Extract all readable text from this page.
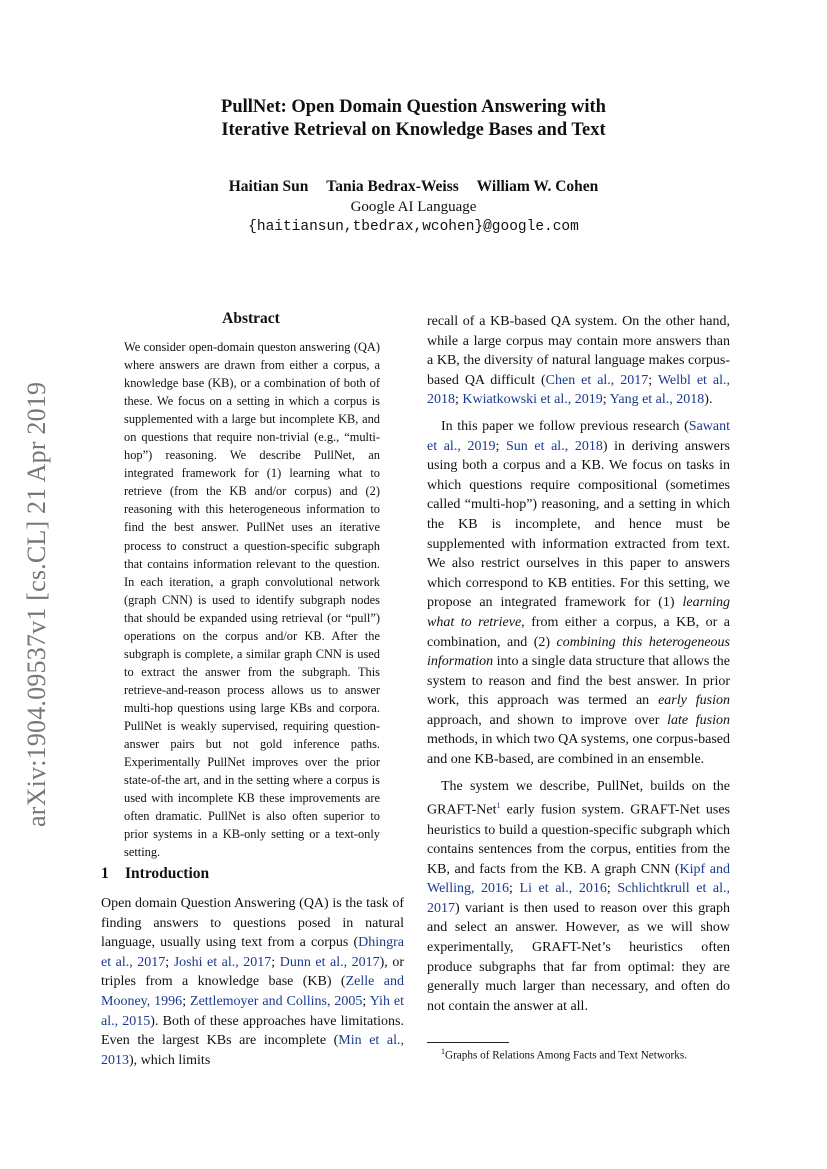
arXiv:1904.09537v1 [cs.CL] 21 Apr 2019
PullNet: Open Domain Question Answering with
Iterative Retrieval on Knowledge Bases and Text
Haitian Sun Tania Bedrax-Weiss William W. Cohen
Google AI Language
{haitiansun,tbedrax,wcohen}@google.com
Abstract

We consider open-domain queston answering (QA) where answers are drawn from either a corpus, a knowledge base (KB), or a combination of both of these. We focus on a setting in which a corpus is supplemented with a large but incomplete KB, and on questions that require non-trivial (e.g., “multi-hop”) reasoning. We describe PullNet, an integrated framework for (1) learning what to retrieve (from the KB and/or corpus) and (2) reasoning with this heterogeneous information to find the best answer. PullNet uses an iterative process to construct a question-specific subgraph that contains information relevant to the question. In each iteration, a graph convolutional network (graph CNN) is used to identify subgraph nodes that should be expanded using retrieval (or “pull”) operations on the corpus and/or KB. After the subgraph is complete, a similar graph CNN is used to extract the answer from the subgraph. This retrieve-and-reason process allows us to answer multi-hop questions using large KBs and corpora. PullNet is weakly supervised, requiring question-answer pairs but not gold inference paths. Experimentally PullNet improves over the prior state-of-the art, and in the setting where a corpus is used with incomplete KB these improvements are often dramatic. PullNet is also often superior to prior systems in a KB-only setting or a text-only setting.

1 Introduction

Open domain Question Answering (QA) is the task of finding answers to questions posed in natural language, usually using text from a corpus (Dhingra et al., 2017; Joshi et al., 2017; Dunn et al., 2017), or triples from a knowledge base (KB) (Zelle and Mooney, 1996; Zettlemoyer and Collins, 2005; Yih et al., 2015). Both of these approaches have limitations. Even the largest KBs are incomplete (Min et al., 2013), which limits

recall of a KB-based QA system. On the other hand, while a large corpus may contain more answers than a KB, the diversity of natural language makes corpus-based QA difficult (Chen et al., 2017; Welbl et al., 2018; Kwiatkowski et al., 2019; Yang et al., 2018).

In this paper we follow previous research (Sawant et al., 2019; Sun et al., 2018) in deriving answers using both a corpus and a KB. We focus on tasks in which questions require compositional (sometimes called “multi-hop”) reasoning, and a setting in which the KB is incomplete, and hence must be supplemented with information extracted from text. We also restrict ourselves in this paper to answers which correspond to KB entities. For this setting, we propose an integrated framework for (1) learning what to retrieve, from either a corpus, a KB, or a combination, and (2) combining this heterogeneous information into a single data structure that allows the system to reason and find the best answer. In prior work, this approach was termed an early fusion approach, and shown to improve over late fusion methods, in which two QA systems, one corpus-based and one KB-based, are combined in an ensemble.

The system we describe, PullNet, builds on the GRAFT-Net$^1$ early fusion system. GRAFT-Net uses heuristics to build a question-specific subgraph which contains sentences from the corpus, entities from the KB, and facts from the KB. A graph CNN (Kipf and Welling, 2016; Li et al., 2016; Schlichtkrull et al., 2017) variant is then used to reason over this graph and select an answer. However, as we will show experimentally, GRAFT-Net’s heuristics often produce subgraphs that far from optimal: they are generally much larger than necessary, and often do not contain the answer at all.

$^1$Graphs of Relations Among Facts and Text Networks.
